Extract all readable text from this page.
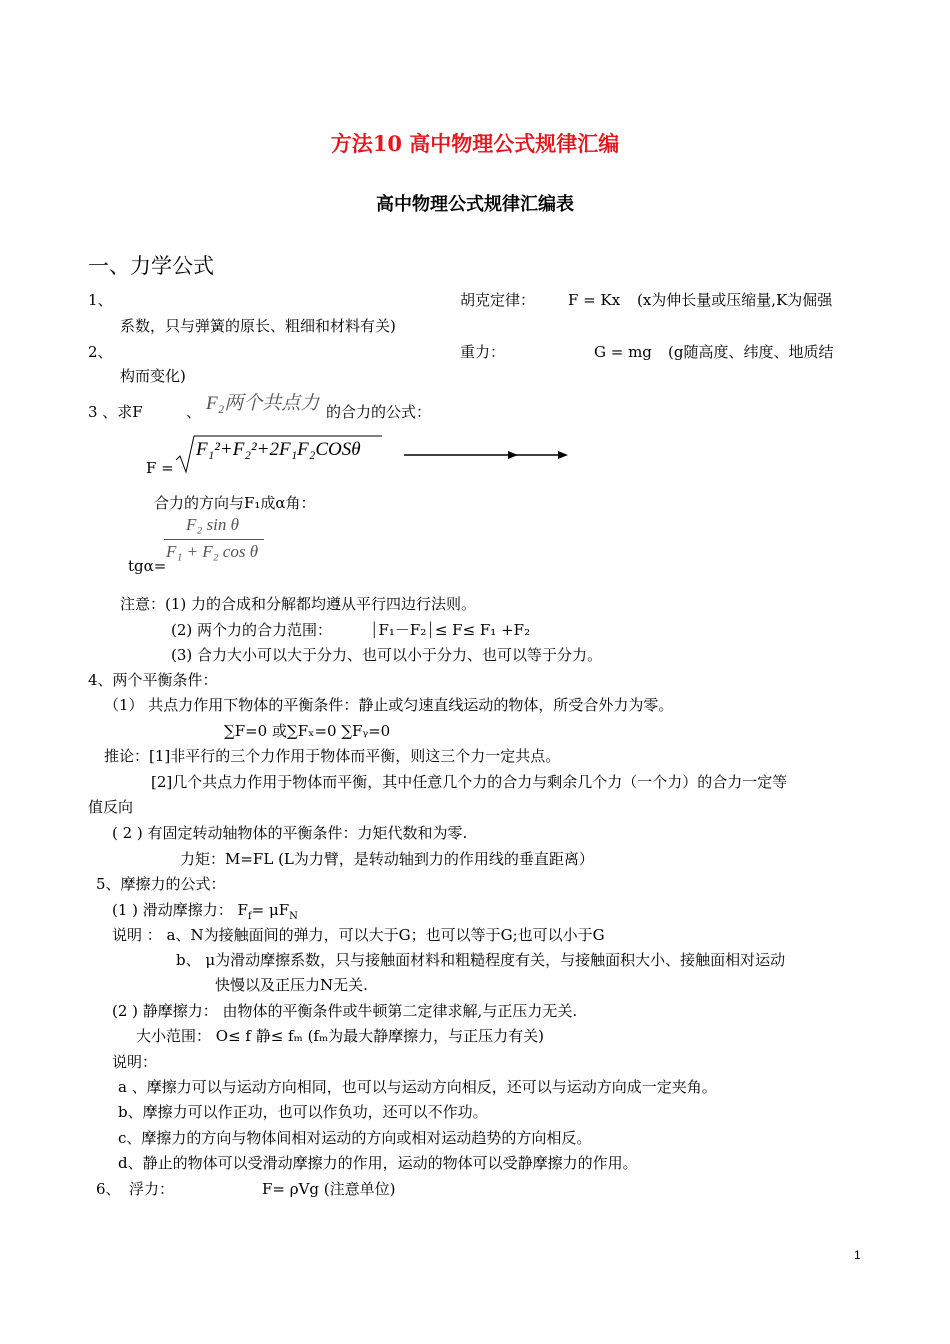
方法10 高中物理公式规律汇编
高中物理公式规律汇编表
一、力学公式
1、	胡克定律： F = Kx (x为伸长量或压缩量,K为倔强
系数，只与弹簧的原长、粗细和材料有关)
2、	重力：	G = mg (g随高度、纬度、地质结
构而变化)
3 、求F	、 F₂两个共点力 的合力的公式：
F =
F₁²+F₂²+2F₁F₂COSθ
合力的方向与F₁成α角：
F₂ sin θ
F₁ + F₂ cos θ
tgα=
注意：(1) 力的合成和分解都均遵从平行四边行法则。
(2) 两个力的合力范围：	⏐F₁－F₂⏐≤ F≤ F₁ +F₂
(3) 合力大小可以大于分力、也可以小于分力、也可以等于分力。
4、两个平衡条件：
（1） 共点力作用下物体的平衡条件：静止或匀速直线运动的物体，所受合外力为零。
∑F=0 或∑Fₓ=0 ∑Fᵧ=0
推论：[1]非平行的三个力作用于物体而平衡，则这三个力一定共点。
[2]几个共点力作用于物体而平衡，其中任意几个力的合力与剩余几个力（一个力）的合力一定等
值反向
( 2 ) 有固定转动轴物体的平衡条件：力矩代数和为零.
力矩：M=FL (L为力臂，是转动轴到力的作用线的垂直距离）
5、摩擦力的公式：
(1 ) 滑动摩擦力： $F_f= \mu F_N$
说明 ： a、N为接触面间的弹力，可以大于G；也可以等于G;也可以小于G
b、 μ为滑动摩擦系数，只与接触面材料和粗糙程度有关，与接触面积大小、接触面相对运动
快慢以及正压力N无关.
(2 ) 静摩擦力： 由物体的平衡条件或牛顿第二定律求解,与正压力无关.
大小范围： O≤ f 静≤ fₘ (fₘ为最大静摩擦力，与正压力有关)
说明：
a 、摩擦力可以与运动方向相同，也可以与运动方向相反，还可以与运动方向成一定夹角。
b、摩擦力可以作正功，也可以作负功，还可以不作功。
c、摩擦力的方向与物体间相对运动的方向或相对运动趋势的方向相反。
d、静止的物体可以受滑动摩擦力的作用，运动的物体可以受静摩擦力的作用。
6、 浮力：	F= ρVg (注意单位)
1
